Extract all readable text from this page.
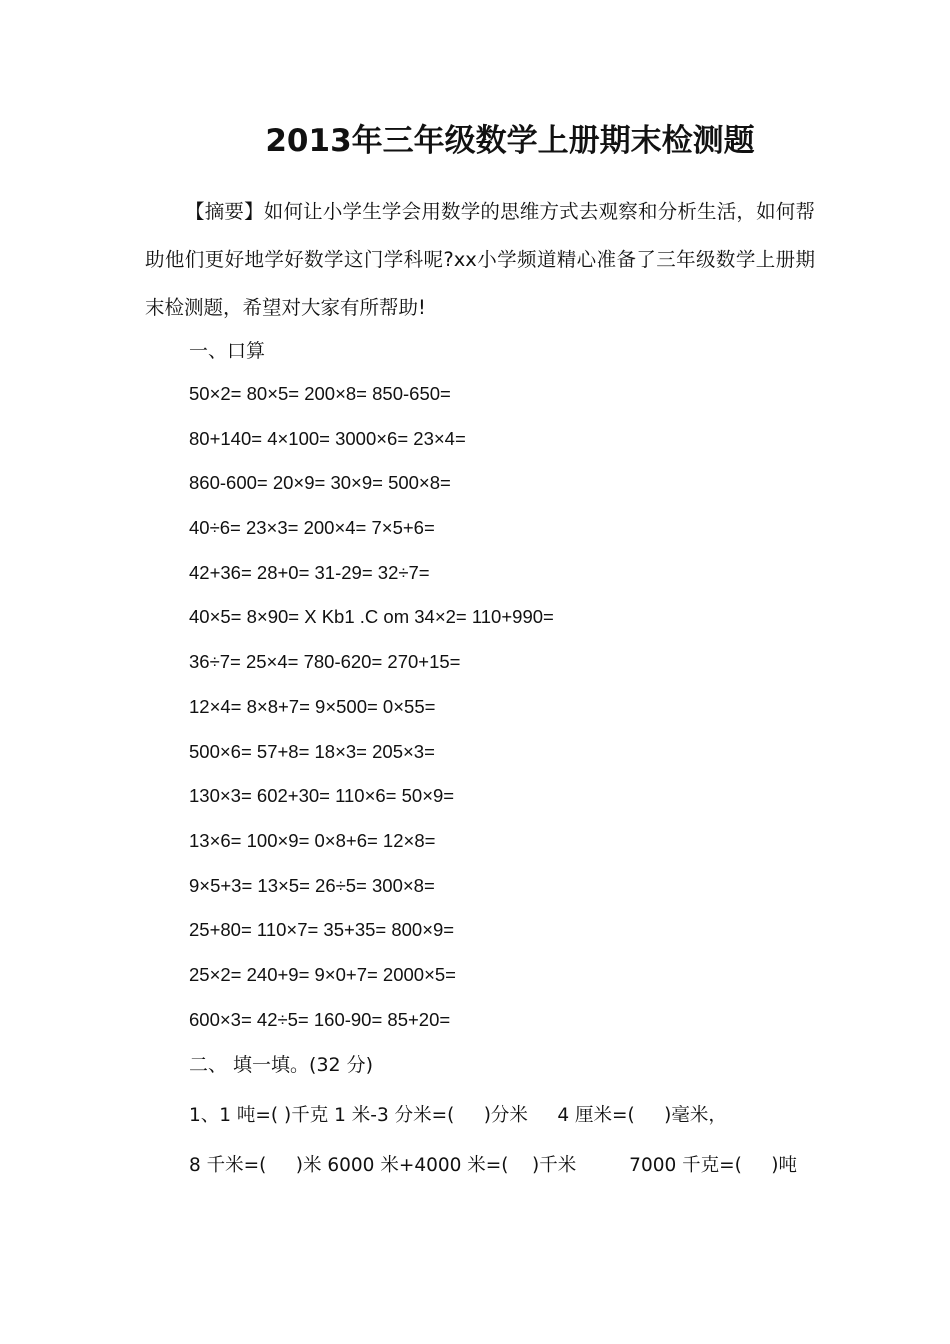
2013年三年级数学上册期末检测题

【摘要】如何让小学生学会用数学的思维方式去观察和分析生活，如何帮助他们更好地学好数学这门学科呢?xx小学频道精心准备了三年级数学上册期末检测题，希望对大家有所帮助!

一、口算
50×2= 80×5= 200×8= 850-650=
80+140= 4×100= 3000×6= 23×4=
860-600= 20×9= 30×9= 500×8=
40÷6= 23×3= 200×4= 7×5+6=
42+36= 28+0= 31-29= 32÷7=
40×5= 8×90= X Kb1 .C om 34×2= 110+990=
36÷7= 25×4= 780-620= 270+15=
12×4= 8×8+7= 9×500= 0×55=
500×6= 57+8= 18×3= 205×3=
130×3= 602+30= 110×6= 50×9=
13×6= 100×9= 0×8+6= 12×8=
9×5+3= 13×5= 26÷5= 300×8=
25+80= 110×7= 35+35= 800×9=
25×2= 240+9= 9×0+7= 2000×5=
600×3= 42÷5= 160-90= 85+20=
二、 填一填。(32 分)
1、1 吨=( )千克 1 米-3 分米=(     )分米     4 厘米=(     )毫米，
8 千米=(     )米 6000 米+4000 米=(    )千米         7000 千克=(     )吨
